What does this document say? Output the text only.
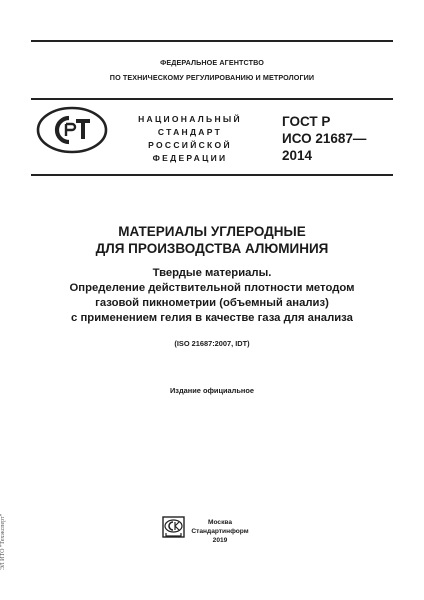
ФЕДЕРАЛЬНОЕ АГЕНТСТВО
ПО ТЕХНИЧЕСКОМУ РЕГУЛИРОВАНИЮ И МЕТРОЛОГИИ
РСТ
НАЦИОНАЛЬНЫЙ
СТАНДАРТ
РОССИЙСКОЙ
ФЕДЕРАЦИИ
ГОСТ Р
ИСО 21687—
2014
МАТЕРИАЛЫ УГЛЕРОДНЫЕ
ДЛЯ ПРОИЗВОДСТВА АЛЮМИНИЯ
Твердые материалы.
Определение действительной плотности методом
газовой пикнометрии (объемный анализ)
с применением гелия в качестве газа для анализа
(ISO 21687:2007, IDT)
Издание официальное
СИ
Москва
Стандартинформ
2019
ЭЛ ИТО "Техэксперт"
